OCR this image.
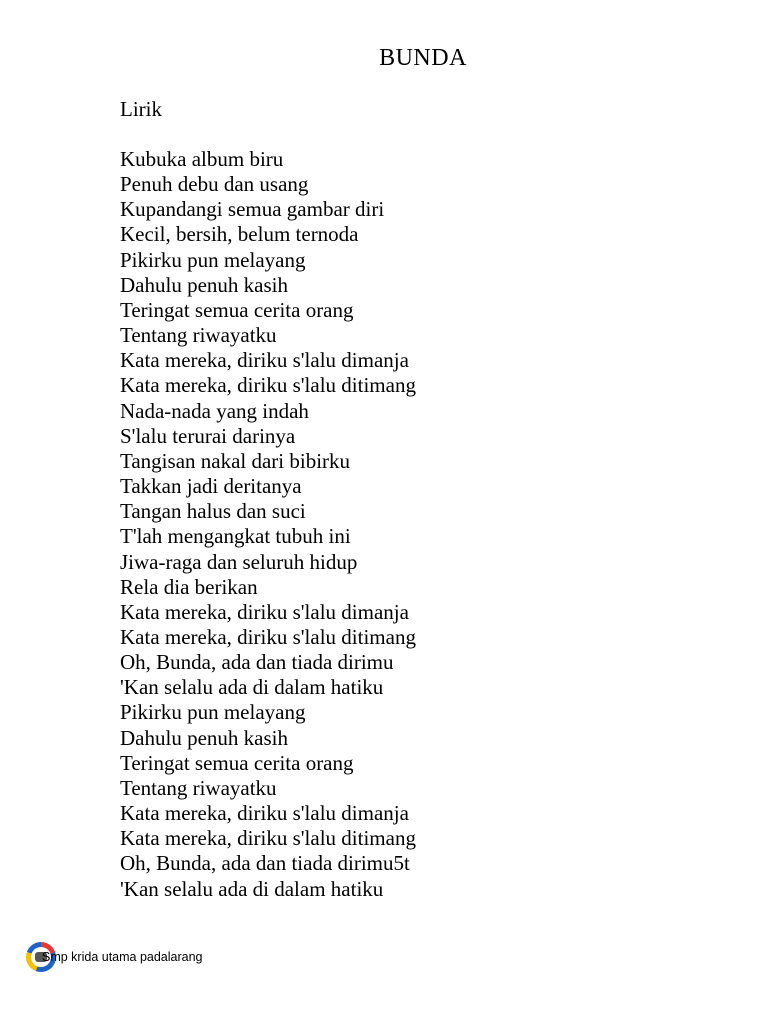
BUNDA
Lirik
Kubuka album biru
Penuh debu dan usang
Kupandangi semua gambar diri
Kecil, bersih, belum ternoda
Pikirku pun melayang
Dahulu penuh kasih
Teringat semua cerita orang
Tentang riwayatku
Kata mereka, diriku s'lalu dimanja
Kata mereka, diriku s'lalu ditimang
Nada-nada yang indah
S'lalu terurai darinya
Tangisan nakal dari bibirku
Takkan jadi deritanya
Tangan halus dan suci
T'lah mengangkat tubuh ini
Jiwa-raga dan seluruh hidup
Rela dia berikan
Kata mereka, diriku s'lalu dimanja
Kata mereka, diriku s'lalu ditimang
Oh, Bunda, ada dan tiada dirimu
'Kan selalu ada di dalam hatiku
Pikirku pun melayang
Dahulu penuh kasih
Teringat semua cerita orang
Tentang riwayatku
Kata mereka, diriku s'lalu dimanja
Kata mereka, diriku s'lalu ditimang
Oh, Bunda, ada dan tiada dirimu5t
'Kan selalu ada di dalam hatiku
Smp krida utama padalarang
